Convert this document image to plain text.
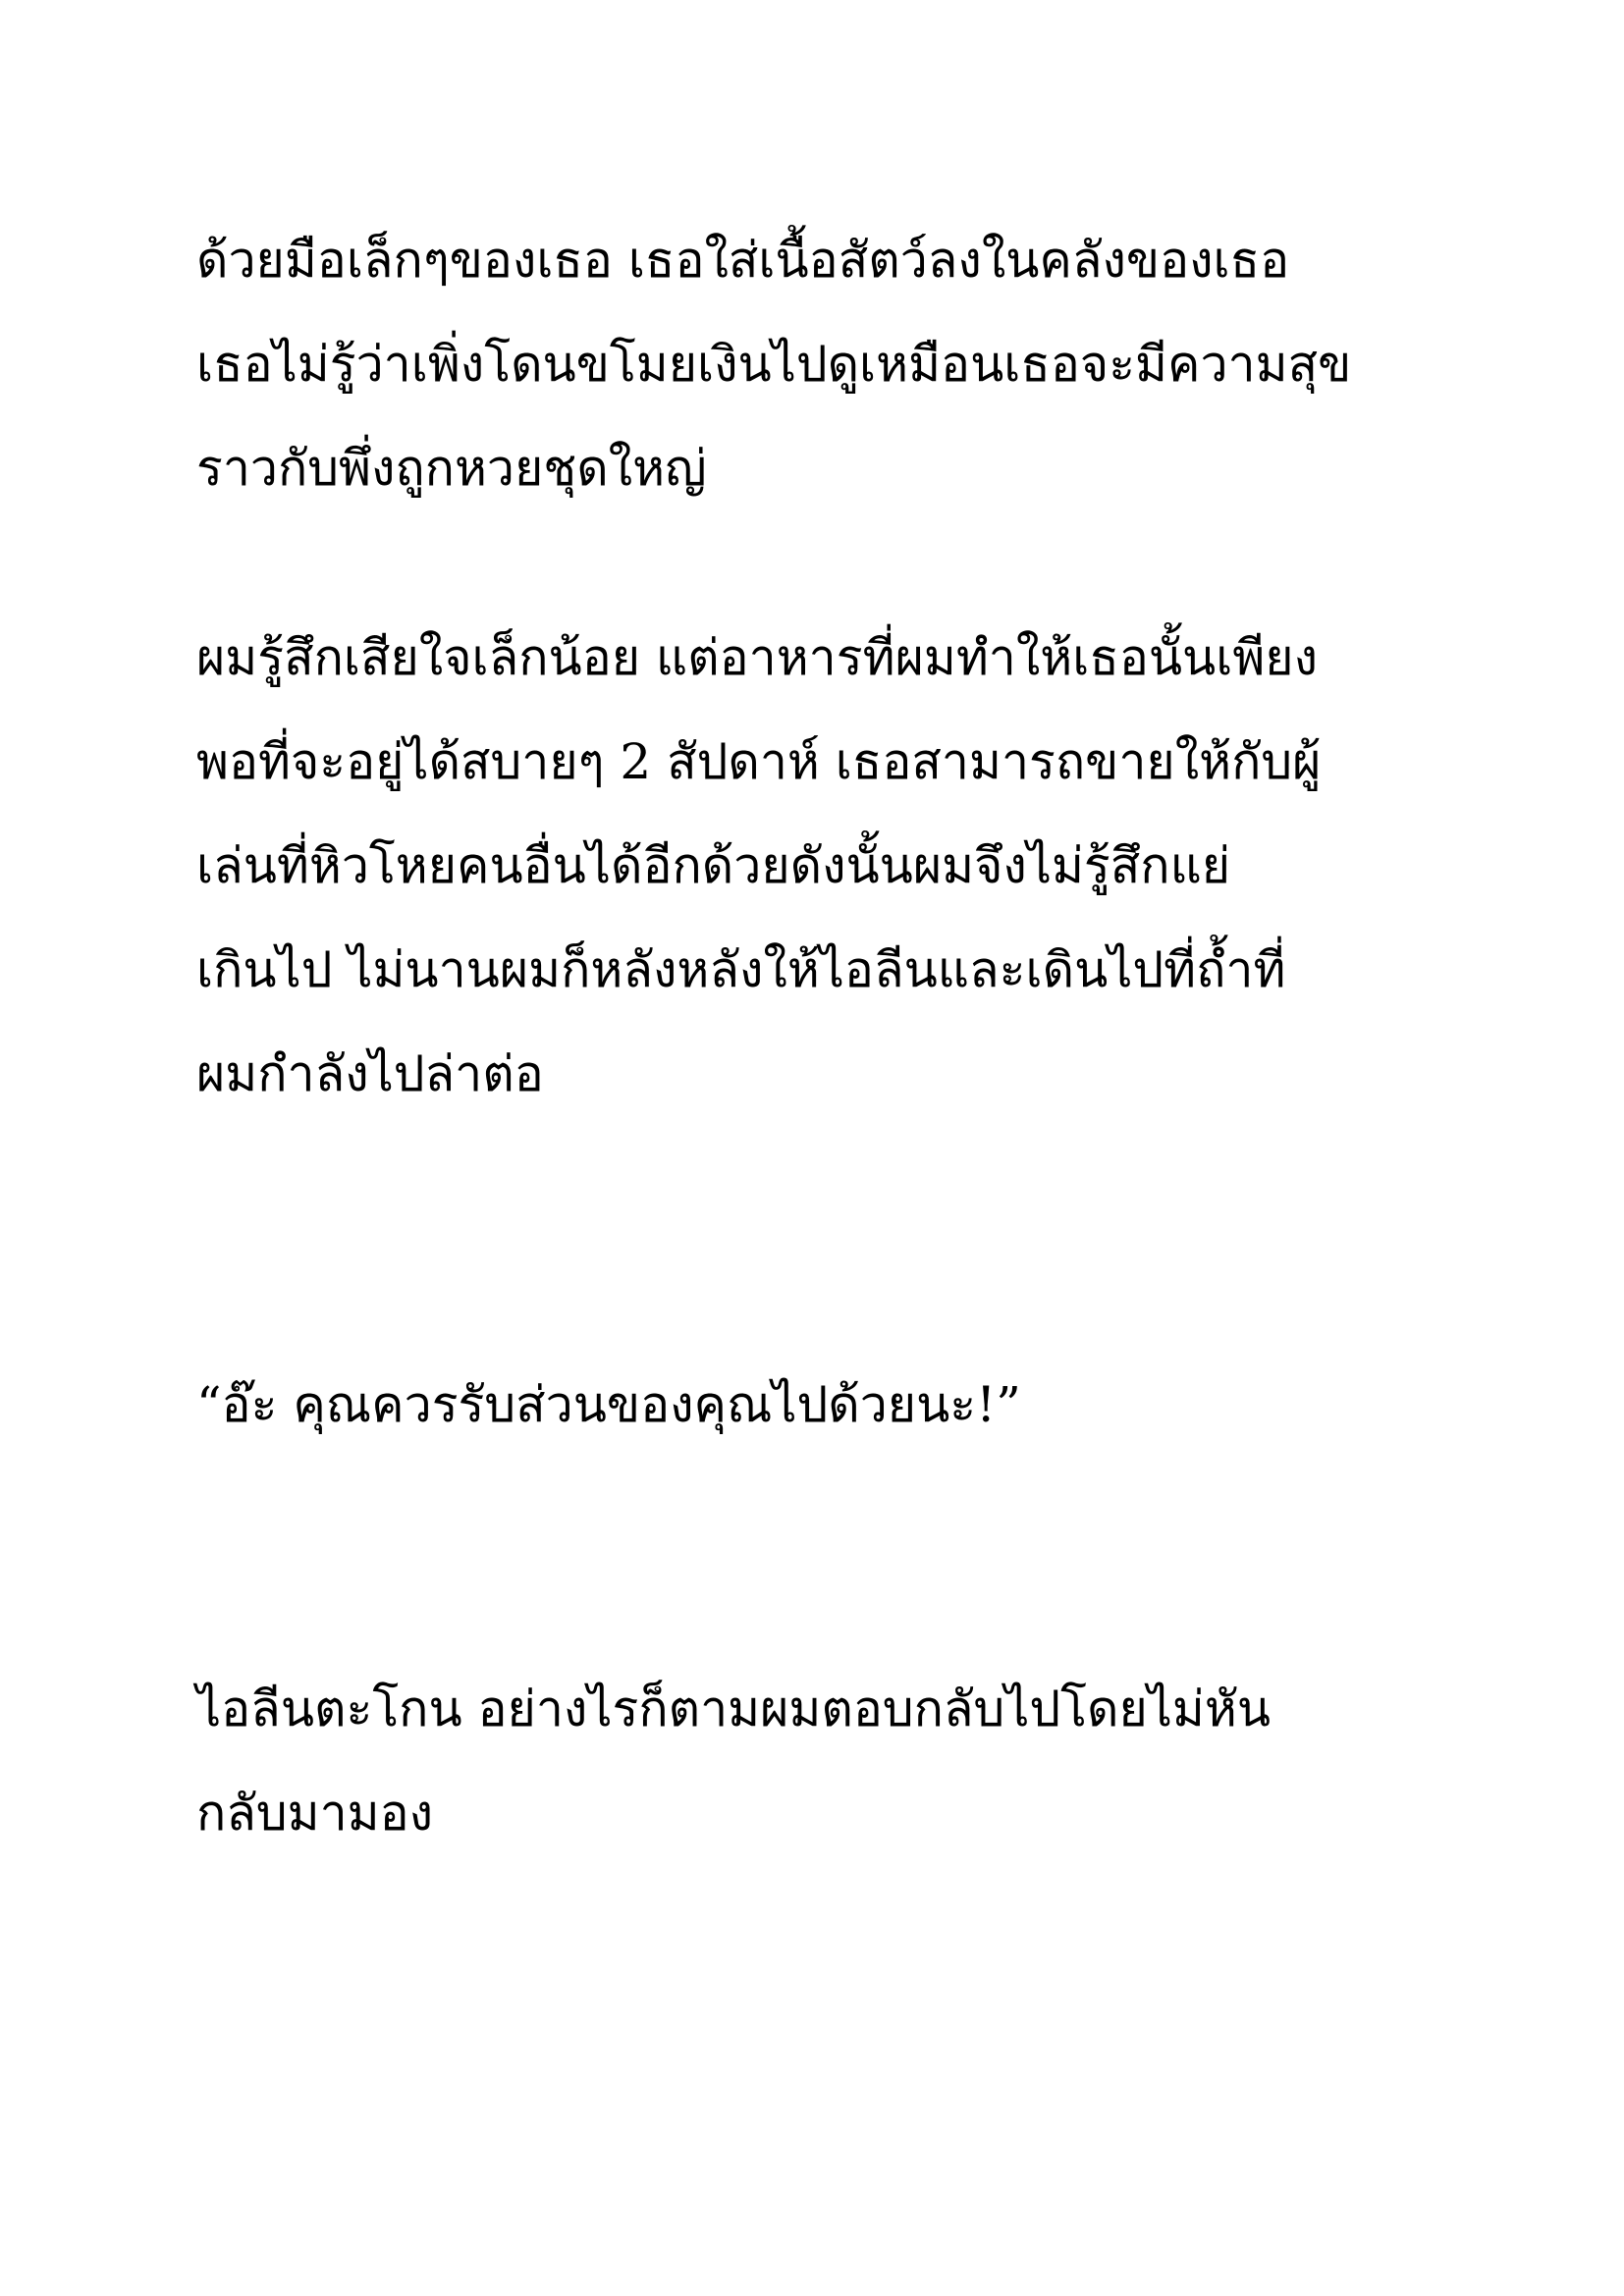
ด้วยมือเล็กๆของเธอ เธอใส่เนื้อสัตว์ลงในคลังของเธอ
เธอไม่รู้ว่าเพิ่งโดนขโมยเงินไปดูเหมือนเธอจะมีความสุข
ราวกับพึ่งถูกหวยชุดใหญ่
ผมรู้สึกเสียใจเล็กน้อย แต่อาหารที่ผมทำให้เธอนั้นเพียง
พอที่จะอยู่ได้สบายๆ 2 สัปดาห์ เธอสามารถขายให้กับผู้
เล่นที่หิวโหยคนอื่นได้อีกด้วยดังนั้นผมจึงไม่รู้สึกแย่
เกินไป ไม่นานผมก็หลังหลังให้ไอลีนและเดินไปที่ถ้ำที่
ผมกำลังไปล่าต่อ
“อ๊ะ คุณควรรับส่วนของคุณไปด้วยนะ!”
ไอลีนตะโกน อย่างไรก็ตามผมตอบกลับไปโดยไม่หัน
กลับมามอง
